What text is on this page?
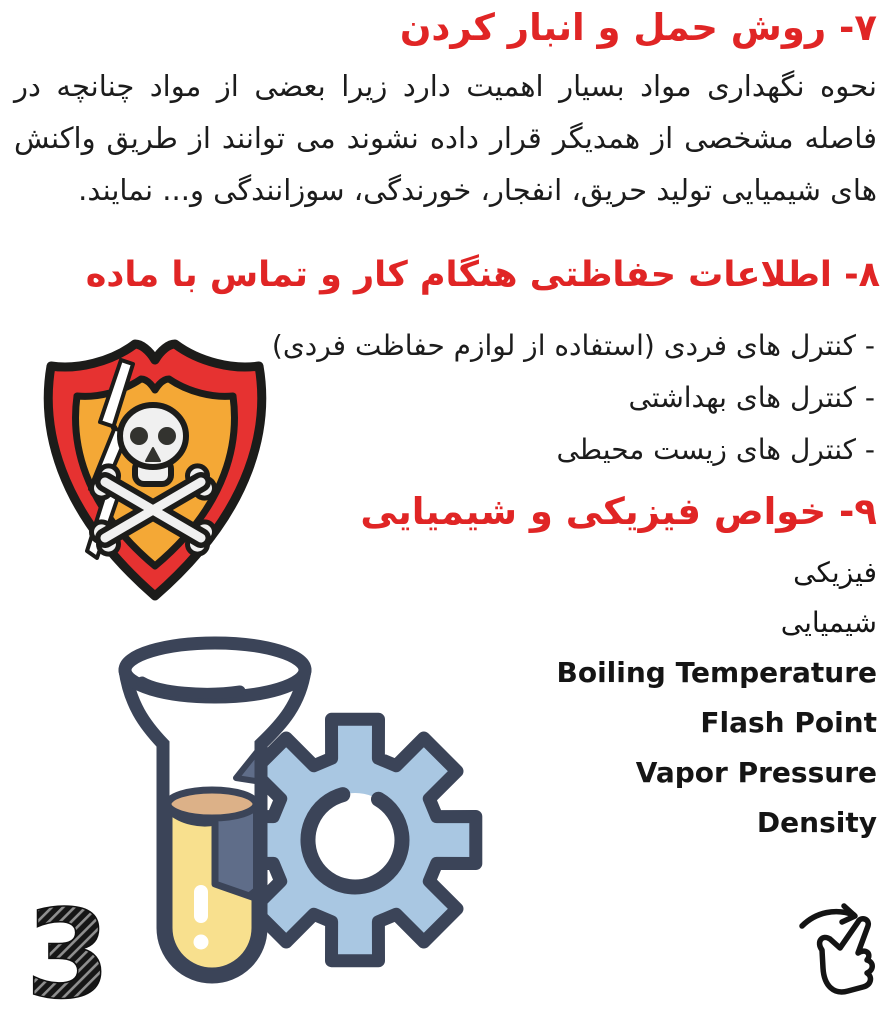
۷- روش حمل و انبار کردن

نحوه نگهداری مواد بسیار اهمیت دارد زیرا بعضی از مواد چنانچه در فاصله مشخصی از همدیگر قرار داده نشوند می توانند از طریق واکنش های شیمیایی تولید حریق، انفجار، خورندگی، سوزانندگی و... نمایند.

۸- اطلاعات حفاظتی هنگام کار و تماس با ماده
- کنترل های فردی (استفاده از لوازم حفاظت فردی)
- کنترل های بهداشتی
- کنترل های زیست محیطی
۹- خواص فیزیکی و شیمیایی
فیزیکی
شیمیایی
Boiling Temperature
Flash Point
Vapor Pressure
Density
3
